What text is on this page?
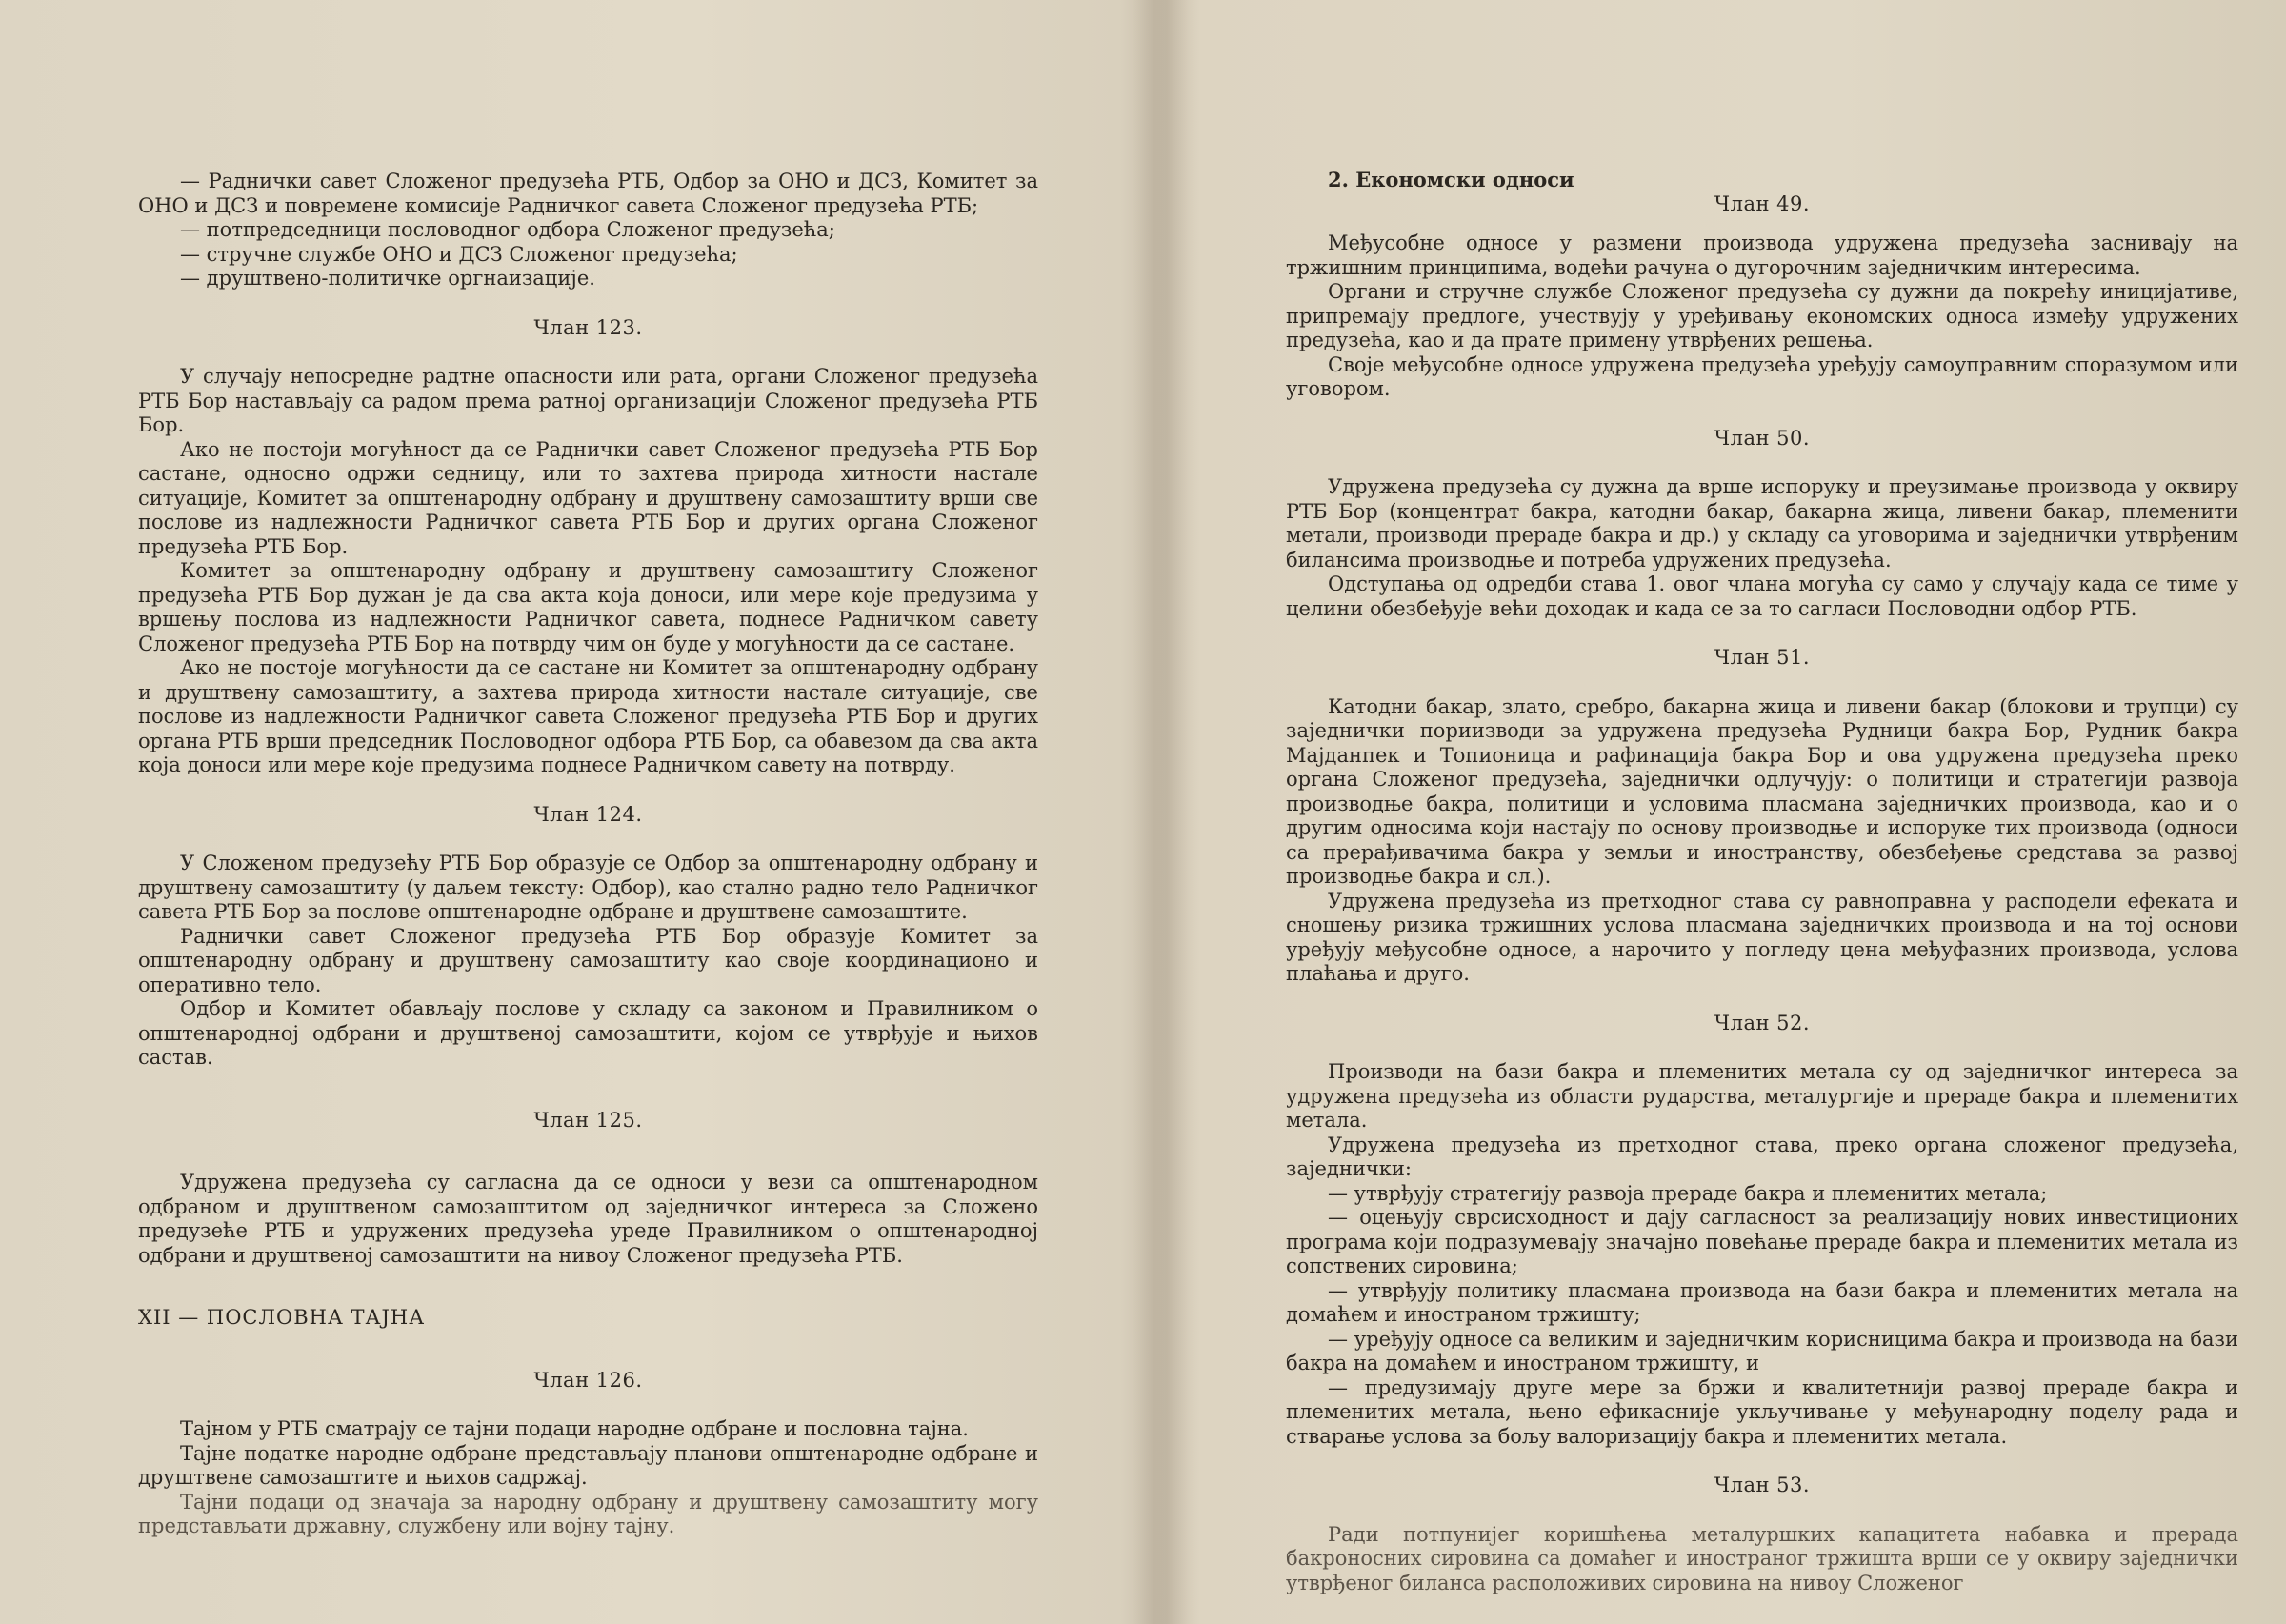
— Раднички савет Сложеног предузећа РТБ, Одбор за ОНО и ДСЗ, Комитет за ОНО и ДСЗ и повремене комисије Радничког савета Сложеног предузећа РТБ;

— потпредседници пословодног одбора Сложеног предузећа;

— стручне службе ОНО и ДСЗ Сложеног предузећа;

— друштвено-политичке оргнаизације.

Члан 123.

У случају непосредне радтне опасности или рата, органи Сложеног предузећа РТБ Бор настављају са радом према ратној организацији Сложеног предузећа РТБ Бор.

Ако не постоји могућност да се Раднички савет Сложеног предузећа РТБ Бор састане, односно одржи седницу, или то захтева природа хитности настале ситуације, Комитет за општенародну одбрану и друштвену самозаштиту врши све послове из надлежности Радничког савета РТБ Бор и других органа Сложеног предузећа РТБ Бор.

Комитет за општенародну одбрану и друштвену самозаштиту Сложеног предузећа РТБ Бор дужан је да сва акта која доноси, или мере које предузима у вршењу послова из надлежности Радничког савета, поднесе Радничком савету Сложеног предузећа РТБ Бор на потврду чим он буде у могућности да се састане.

Ако не постоје могућности да се састане ни Комитет за општенародну одбрану и друштвену самозаштиту, а захтева природа хитности настале ситуације, све послове из надлежности Радничког савета Сложеног предузећа РТБ Бор и других органа РТБ врши председник Пословодног одбора РТБ Бор, са обавезом да сва акта која доноси или мере које предузима поднесе Радничком савету на потврду.

Члан 124.

У Сложеном предузећу РТБ Бор образује се Одбор за општенародну одбрану и друштвену самозаштиту (у даљем тексту: Одбор), као стално радно тело Радничког савета РТБ Бор за послове општенародне одбране и друштвене самозаштите.

Раднички савет Сложеног предузећа РТБ Бор образује Комитет за општенародну одбрану и друштвену самозаштиту као своје координационо и оперативно тело.

Одбор и Комитет обављају послове у складу са законом и Правилником о општенародној одбрани и друштвеној самозаштити, којом се утврђује и њихов састав.

Члан 125.

Удружена предузећа су сагласна да се односи у вези са општенародном одбраном и друштвеном самозаштитом од заједничког интереса за Сложено предузеће РТБ и удружених предузећа уреде Правилником о општенародној одбрани и друштвеној самозаштити на нивоу Сложеног предузећа РТБ.

XII — ПОСЛОВНА ТАЈНА

Члан 126.

Тајном у РТБ сматрају се тајни подаци народне одбране и пословна тајна.

Тајне податке народне одбране представљају планови општенародне одбране и друштвене самозаштите и њихов садржај.

Тајни подаци од значаја за народну одбрану и друштвену самозаштиту могу представљати државну, службену или војну тајну.

2. Економски односи

Члан 49.

Међусобне односе у размени производа удружена предузећа заснивају на тржишним принципима, водећи рачуна о дугорочним заједничким интересима.

Органи и стручне службе Сложеног предузећа су дужни да покрећу иницијативе, припремају предлоге, учествују у уређивању економских односа између удружених предузећа, као и да прате примену утврђених решења.

Своје међусобне односе удружена предузећа уређују самоуправним споразумом или уговором.

Члан 50.

Удружена предузећа су дужна да врше испоруку и преузимање производа у оквиру РТБ Бор (концентрат бакра, катодни бакар, бакарна жица, ливени бакар, племенити метали, производи прераде бакра и др.) у складу са уговорима и заједнички утврђеним билансима производње и потреба удружених предузећа.

Одступања од одредби става 1. овог члана могућа су само у случају када се тиме у целини обезбеђује већи доходак и када се за то сагласи Пословодни одбор РТБ.

Члан 51.

Катодни бакар, злато, сребро, бакарна жица и ливени бакар (блокови и трупци) су заједнички пориизводи за удружена предузећа Рудници бакра Бор, Рудник бакра Мајданпек и Топионица и рафинација бакра Бор и ова удружена предузећа преко органа Сложеног предузећа, заједнички одлучују: о политици и стратегији развоја производње бакра, политици и условима пласмана заједничких производа, као и о другим односима који настају по основу производње и испоруке тих производа (односи са прерађивачима бакра у земљи и иностранству, обезбеђење средстава за развој производње бакра и сл.).

Удружена предузећа из претходног става су равноправна у расподели ефеката и сношењу ризика тржишних услова пласмана заједничких производа и на тој основи уређују међусобне односе, а нарочито у погледу цена међуфазних производа, услова плаћања и друго.

Члан 52.

Производи на бази бакра и племенитих метала су од заједничког интереса за удружена предузећа из области рударства, металургије и прераде бакра и племенитих метала.

Удружена предузећа из претходног става, преко органа сложеног предузећа, заједнички:

— утврђују стратегију развоја прераде бакра и племенитих метала;

— оцењују сврсисходност и дају сагласност за реализацију нових инвестиционих програма који подразумевају значајно повећање прераде бакра и племенитих метала из сопствених сировина;

— утврђују политику пласмана производа на бази бакра и племенитих метала на домаћем и иностраном тржишту;

— уређују односе са великим и заједничким корисницима бакра и производа на бази бакра на домаћем и иностраном тржишту, и

— предузимају друге мере за бржи и квалитетнији развој прераде бакра и племенитих метала, њено ефикасније укључивање у међународну поделу рада и стварање услова за бољу валоризацију бакра и племенитих метала.

Члан 53.

Ради потпунијег коришћења металуршких капацитета набавка и прерада бакроносних сировина са домаћег и иностраног тржишта врши се у оквиру заједнички утврђеног биланса расположивих сировина на нивоу Сложеног
